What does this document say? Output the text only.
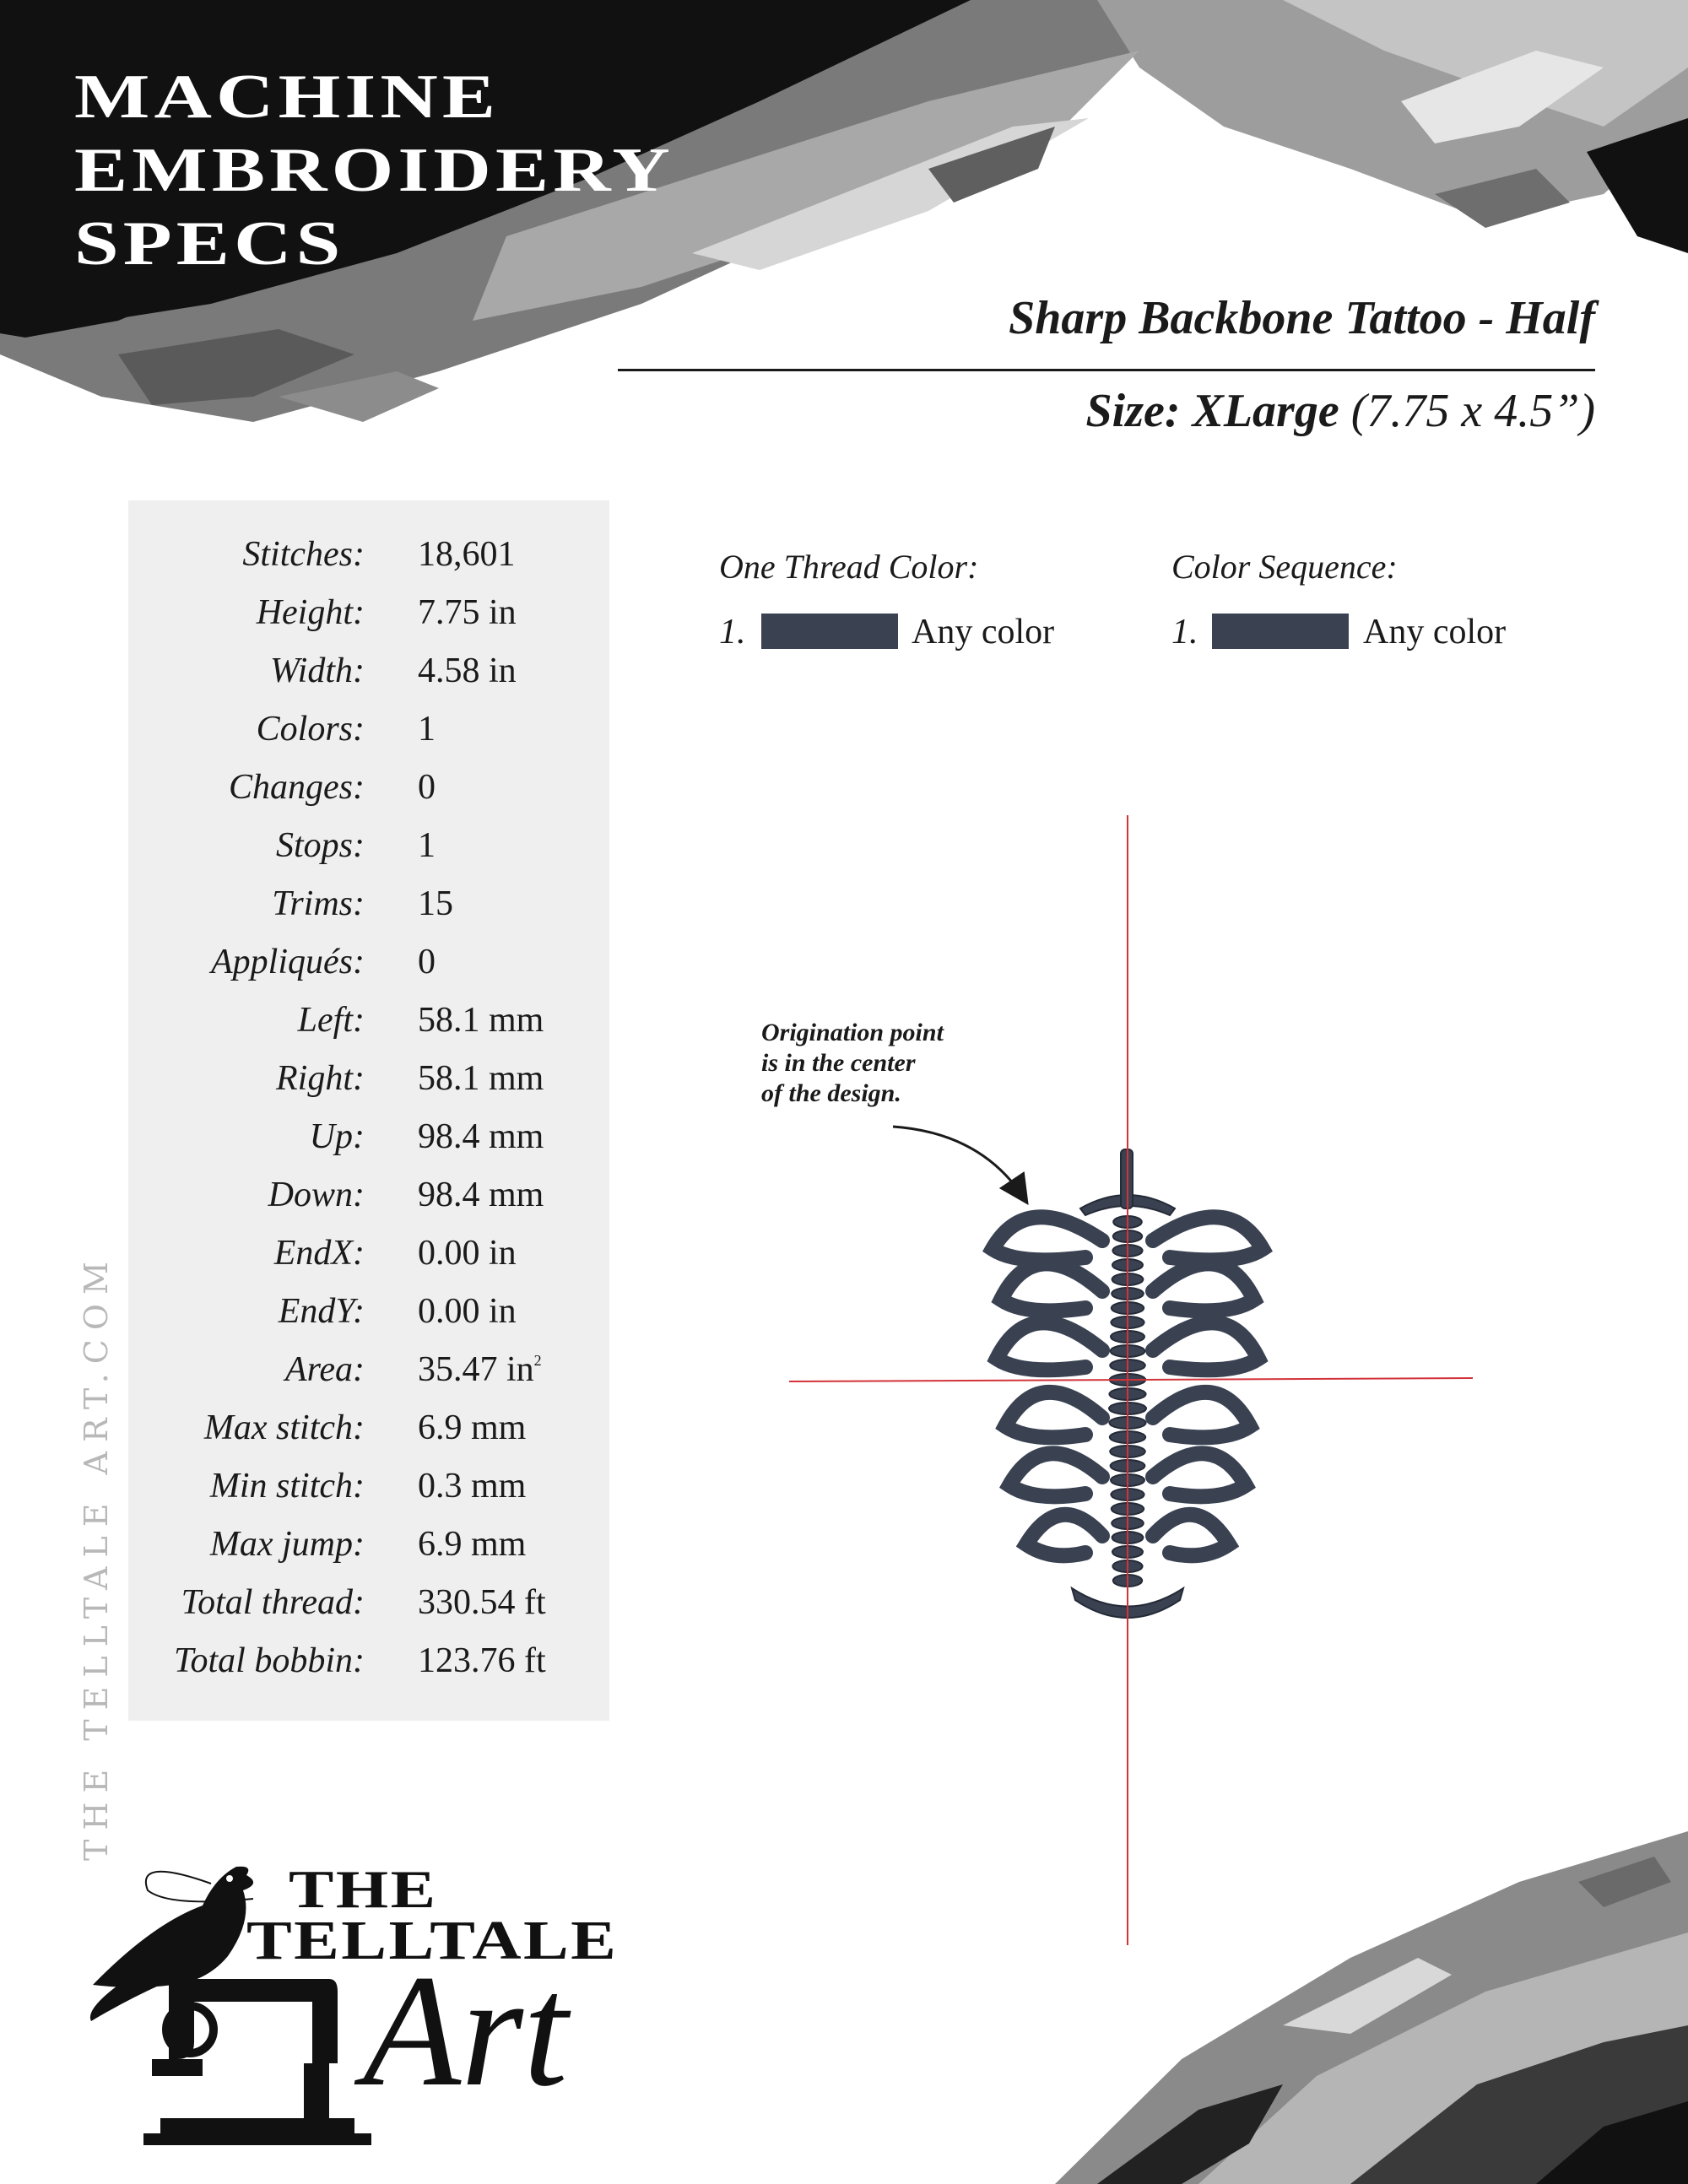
MACHINE
EMBROIDERY
SPECS
Sharp Backbone Tattoo - Half
Size: XLarge (7.75 x 4.5”)
Stitches: 18,601
Height: 7.75 in
Width: 4.58 in
Colors: 1
Changes: 0
Stops: 1
Trims: 15
Appliqués: 0
Left: 58.1 mm
Right: 58.1 mm
Up: 98.4 mm
Down: 98.4 mm
EndX: 0.00 in
EndY: 0.00 in
Area: 35.47 $in^2$
Max stitch: 6.9 mm
Min stitch: 0.3 mm
Max jump: 6.9 mm
Total thread: 330.54 ft
Total bobbin: 123.76 ft
One Thread Color:	Color Sequence:
1.	Any color	1.	Any color
Origination point
is in the center
of the design.
THE TELLTALE ART.COM
THE
TELLTALE
Art
